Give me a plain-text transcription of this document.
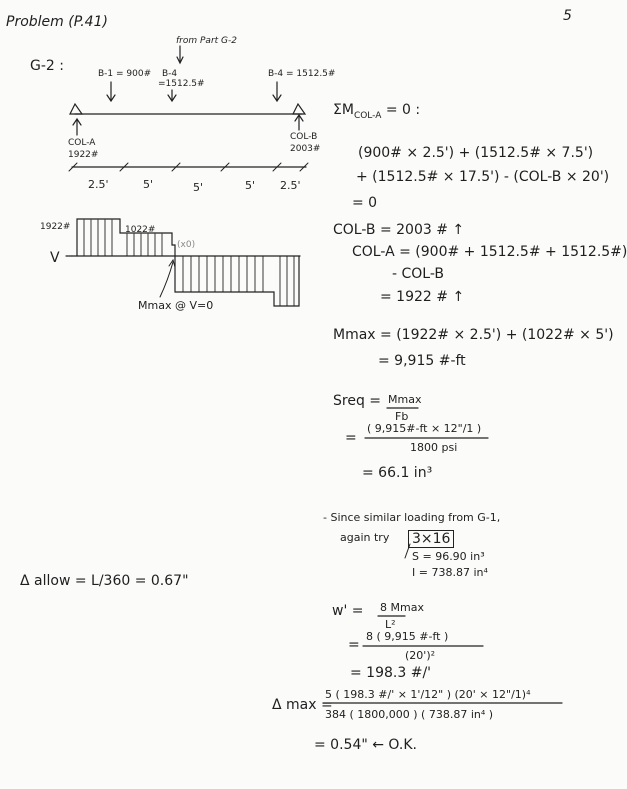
Problem (P.41)	5
G-2 :
from Part G-2
B-1 = 900# B-4
=1512.5#
B-4 = 1512.5#
COL-A
1922#
COL-B
2003#
2.5'	5'	5'	5' 2.5'
1922#	1022#
(x0)
V
Mmax @ V=0
$\Sigma M_{COL-A} = 0$ :
(900# × 2.5') + (1512.5# × 7.5')
+ (1512.5# × 17.5') - (COL-B × 20')
= 0
COL-B = 2003 # ↑
COL-A = (900# + 1512.5# + 1512.5#)
- COL-B
= 1922 # ↑
Mmax = (1922# × 2.5') + (1022# × 5')
= 9,915 #-ft
Sreq = Mmax
Fb
=
( 9,915#-ft × 12"/1 )
1800 psi
= 66.1 in³
- Since similar loading from G-1,
again try 3×16
S = 96.90 in³
I = 738.87 in⁴
Δ allow = L/360 = 0.67"
w' = 8 Mmax
L²
=
8 ( 9,915 #-ft )
(20')²
= 198.3 #/'
Δ max =
5 ( 198.3 #/' × 1'/12" ) (20' × 12"/1)⁴
384 ( 1800,000 ) ( 738.87 in⁴ )
= 0.54" ← O.K.
